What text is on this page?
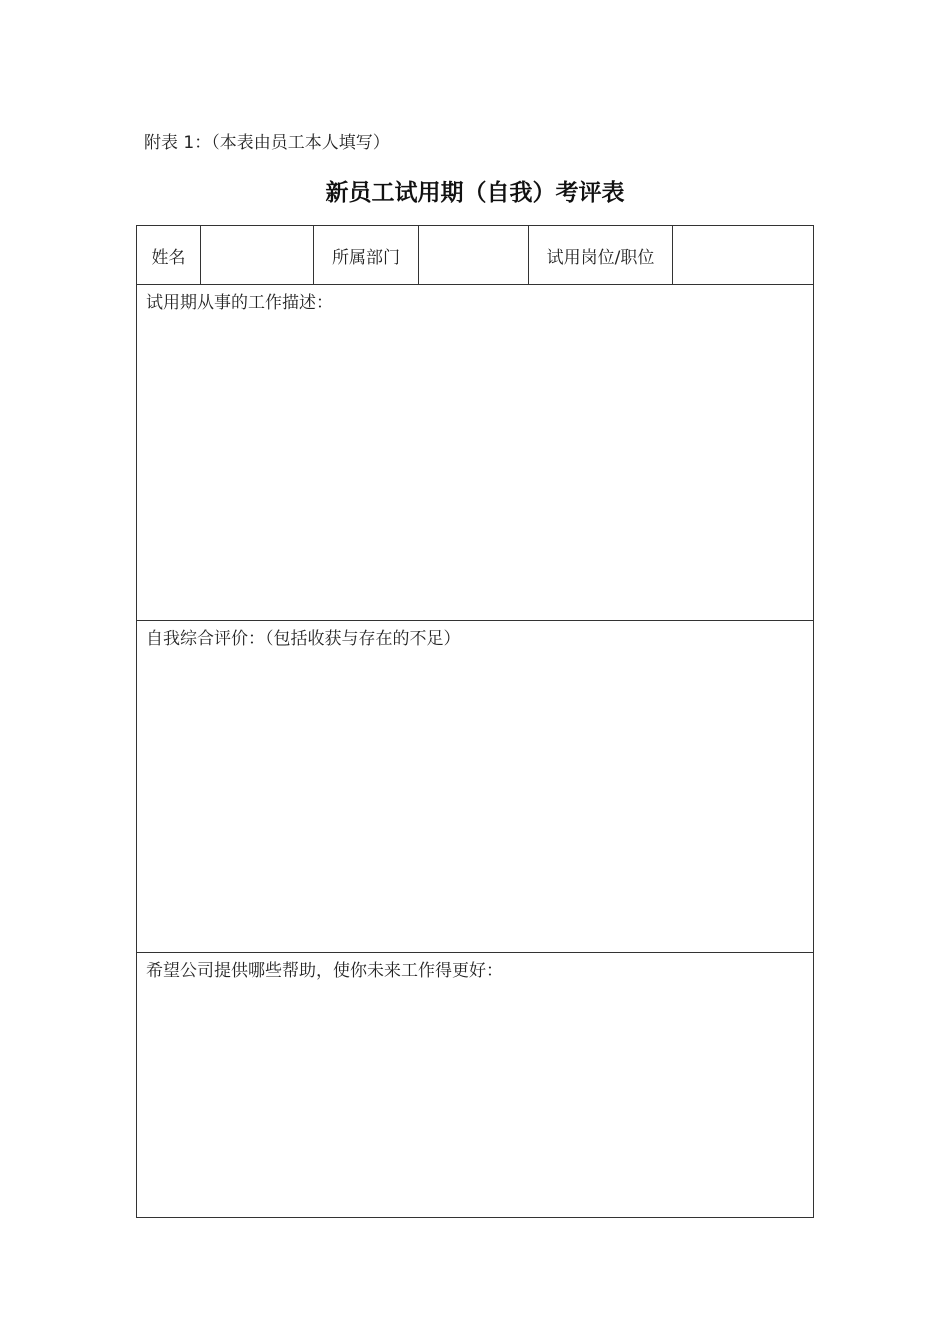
附表 1：（本表由员工本人填写）
新员工试用期（自我）考评表
姓名	所属部门	试用岗位/职位
试用期从事的工作描述：
自我综合评价：（包括收获与存在的不足）
希望公司提供哪些帮助，使你未来工作得更好：
